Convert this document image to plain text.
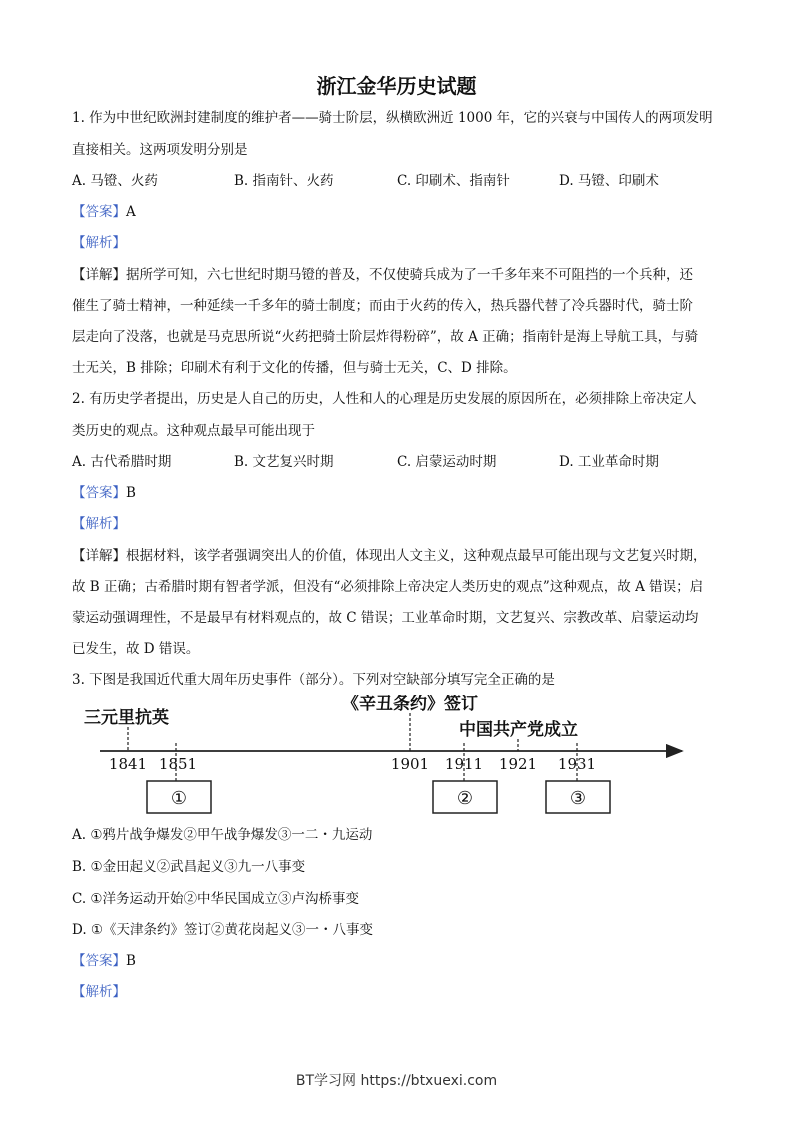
浙江金华历史试题
1. 作为中世纪欧洲封建制度的维护者——骑士阶层，纵横欧洲近 1000 年，它的兴衰与中国传人的两项发明
直接相关。这两项发明分别是
A. 马镫、火药	B. 指南针、火药	C. 印刷术、指南针	D. 马镫、印刷术
【答案】A
【解析】
【详解】据所学可知，六七世纪时期马镫的普及，不仅使骑兵成为了一千多年来不可阻挡的一个兵种，还
催生了骑士精神，一种延续一千多年的骑士制度；而由于火药的传入，热兵器代替了冷兵器时代，骑士阶
层走向了没落，也就是马克思所说“火药把骑士阶层炸得粉碎”，故 A 正确；指南针是海上导航工具，与骑
士无关，B 排除；印刷术有利于文化的传播，但与骑士无关，C、D 排除。
2. 有历史学者提出，历史是人自己的历史，人性和人的心理是历史发展的原因所在，必须排除上帝决定人
类历史的观点。这种观点最早可能出现于
A. 古代希腊时期	B. 文艺复兴时期	C. 启蒙运动时期	D. 工业革命时期
【答案】B
【解析】
【详解】根据材料，该学者强调突出人的价值，体现出人文主义，这种观点最早可能出现与文艺复兴时期，
故 B 正确；古希腊时期有智者学派，但没有“必须排除上帝决定人类历史的观点”这种观点，故 A 错误；启
蒙运动强调理性，不是最早有材料观点的，故 C 错误；工业革命时期，文艺复兴、宗教改革、启蒙运动均
已发生，故 D 错误。
3. 下图是我国近代重大周年历史事件（部分）。下列对空缺部分填写完全正确的是
三元里抗英
《辛丑条约》签订
中国共产党成立
1841 1851	1901 1911 1921 1931
①	②	③
A. ①鸦片战争爆发②甲午战争爆发③一二・九运动
B. ①金田起义②武昌起义③九一八事变
C. ①洋务运动开始②中华民国成立③卢沟桥事变
D. ①《天津条约》签订②黄花岗起义③一・八事变
【答案】B
【解析】
BT学习网 https://btxuexi.com
